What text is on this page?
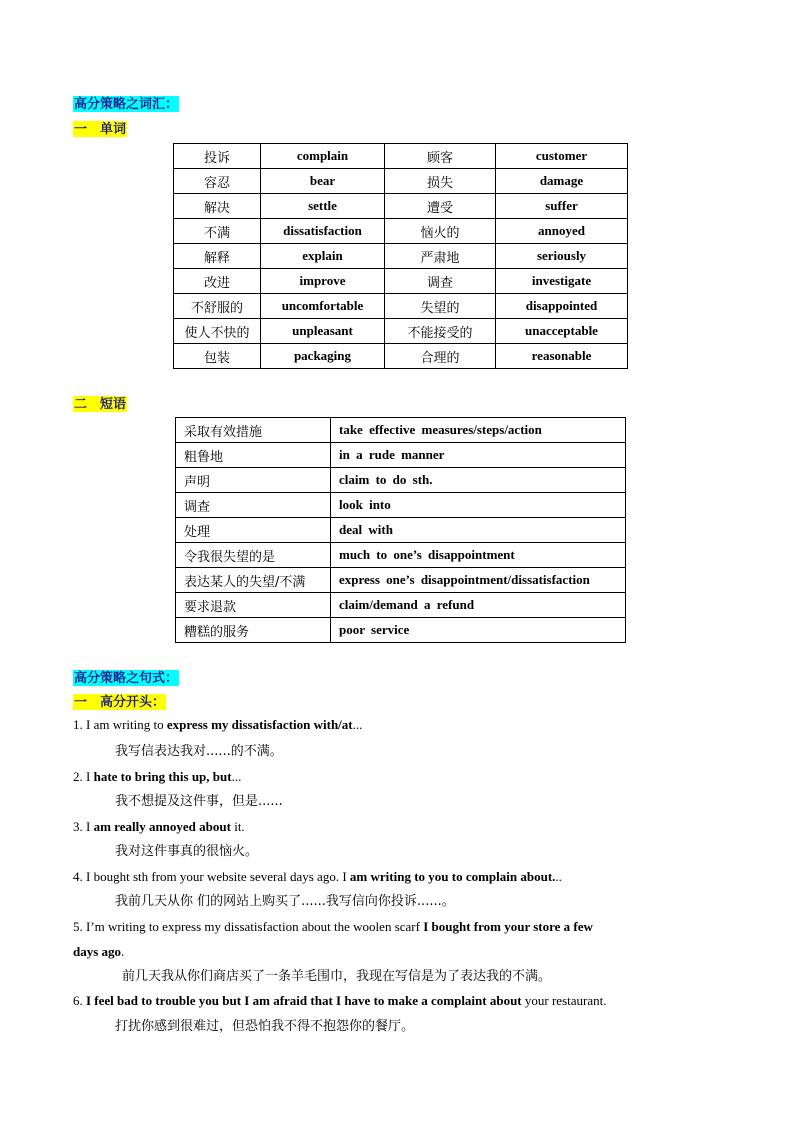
高分策略之词汇：
一　单词
投诉	complain	顾客	customer
容忍	bear	损失	damage
解决	settle	遭受	suffer
不满	dissatisfaction	恼火的	annoyed
解释	explain	严肃地	seriously
改进	improve	调查	investigate
不舒服的	uncomfortable	失望的	disappointed
使人不快的	unpleasant	不能接受的	unacceptable
包装	packaging	合理的	reasonable
二　短语
采取有效措施	take effective measures/steps/action
粗鲁地	in a rude manner
声明	claim to do sth.
调查	look into
处理	deal with
令我很失望的是	much to one’s disappointment
表达某人的失望/不满	express one’s disappointment/dissatisfaction
要求退款	claim/demand a refund
糟糕的服务	poor service
高分策略之句式：
一　高分开头：
1. I am writing to express my dissatisfaction with/at...
我写信表达我对......的不满。
2. I hate to bring this up, but...
我不想提及这件事，但是......
3. I am really annoyed about it.
我对这件事真的很恼火。
4. I bought sth from your website several days ago. I am writing to you to complain about...
我前几天从你 们的网站上购买了......我写信向你投诉......。
5. I’m writing to express my dissatisfaction about the woolen scarf I bought from your store a few
days ago.
前几天我从你们商店买了一条羊毛围巾，我现在写信是为了表达我的不满。
6. I feel bad to trouble you but I am afraid that I have to make a complaint about your restaurant.
打扰你感到很难过，但恐怕我不得不抱怨你的餐厅。
